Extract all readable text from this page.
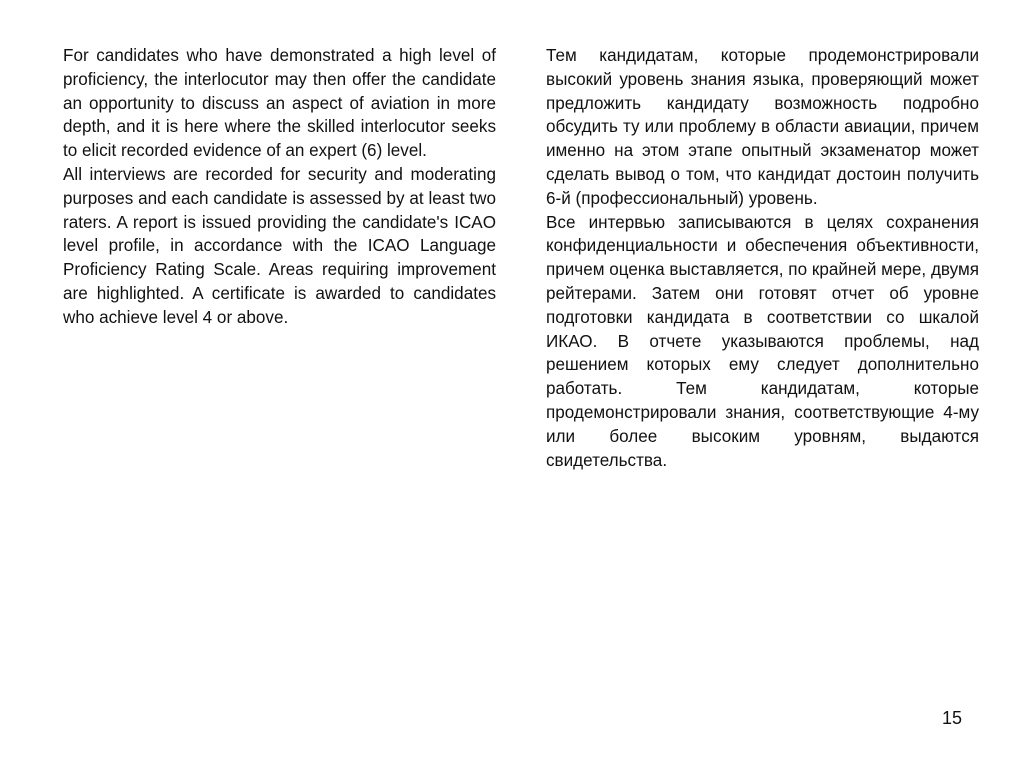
For candidates who have demonstrated a high level of proficiency, the interlocutor may then offer the candidate an opportunity to discuss an aspect of aviation in more depth, and it is here where the skilled interlocutor seeks to elicit recorded evidence of an expert (6) level.

All interviews are recorded for security and moderating purposes and each candidate is assessed by at least two raters. A report is issued providing the candidate's ICAO level profile, in accordance with the ICAO Language Proficiency Rating Scale. Areas requiring improvement are highlighted. A certificate is awarded to candidates who achieve level 4 or above.

Тем кандидатам, которые продемонстрировали высокий уровень знания языка, проверяющий может предложить кандидату возможность подробно обсудить ту или проблему в области авиации, причем именно на этом этапе опытный экзаменатор может сделать вывод о том, что кандидат достоин получить 6-й (профессиональный) уровень.

Все интервью записываются в целях сохранения конфиденциальности и обеспечения объективности, причем оценка выставляется, по крайней мере, двумя рейтерами. Затем они готовят отчет об уровне подготовки кандидата в соответствии со шкалой ИКАО. В отчете указываются проблемы, над решением которых ему следует дополнительно работать. Тем кандидатам, которые продемонстрировали знания, соответствующие 4-му или более высоким уровням, выдаются свидетельства.

15
